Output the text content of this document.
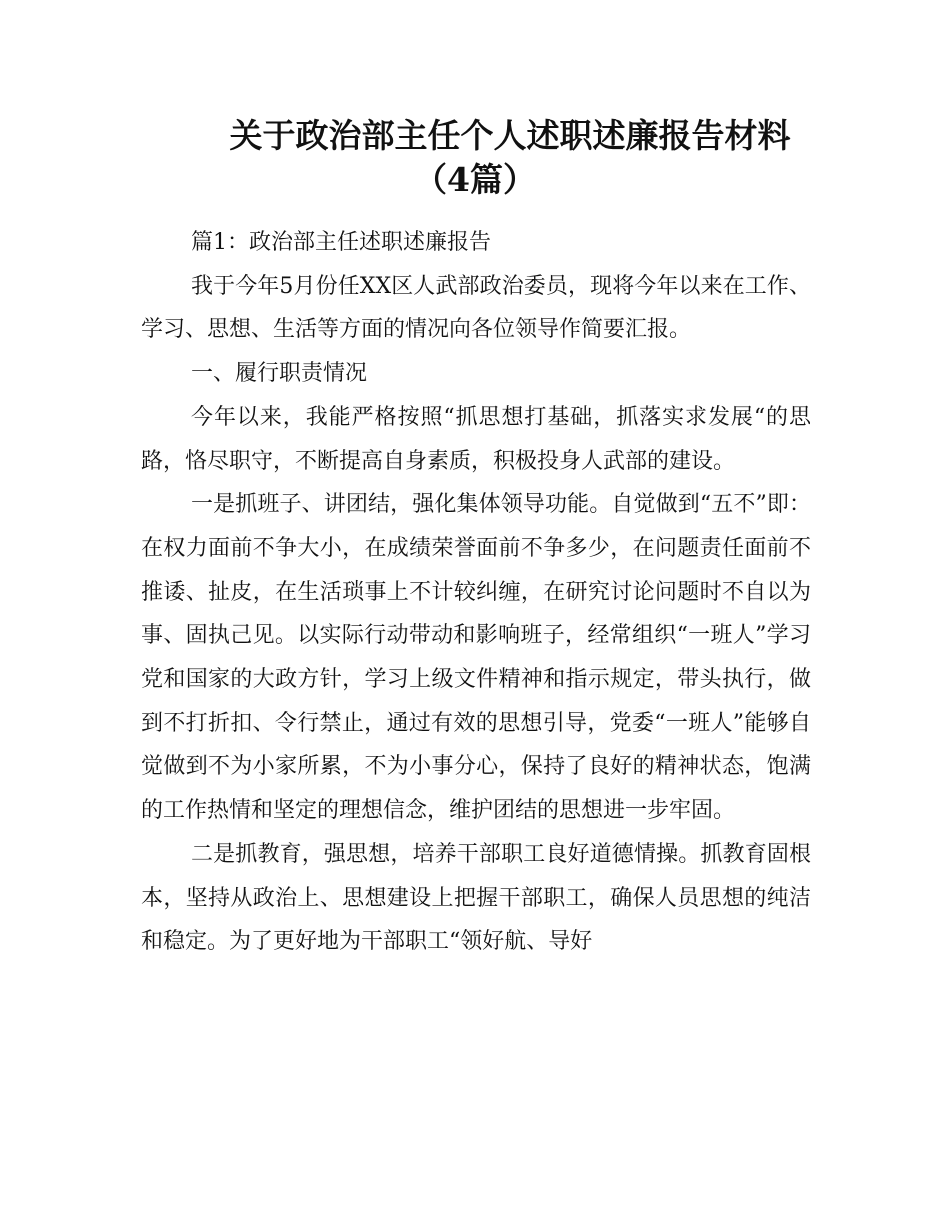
关于政治部主任个人述职述廉报告材料
（4篇）

篇1：政治部主任述职述廉报告

我于今年5月份任XX区人武部政治委员，现将今年以来在工作、学习、思想、生活等方面的情况向各位领导作简要汇报。

一、履行职责情况

今年以来，我能严格按照“抓思想打基础，抓落实求发展“的思路，恪尽职守，不断提高自身素质，积极投身人武部的建设。

一是抓班子、讲团结，强化集体领导功能。自觉做到“五不”即：在权力面前不争大小，在成绩荣誉面前不争多少，在问题责任面前不推诿、扯皮，在生活琐事上不计较纠缠，在研究讨论问题时不自以为事、固执己见。以实际行动带动和影响班子，经常组织“一班人”学习党和国家的大政方针，学习上级文件精神和指示规定，带头执行，做到不打折扣、令行禁止，通过有效的思想引导，党委“一班人”能够自觉做到不为小家所累，不为小事分心，保持了良好的精神状态，饱满的工作热情和坚定的理想信念，维护团结的思想进一步牢固。

二是抓教育，强思想，培养干部职工良好道德情操。抓教育固根本，坚持从政治上、思想建设上把握干部职工，确保人员思想的纯洁和稳定。为了更好地为干部职工“领好航、导好
